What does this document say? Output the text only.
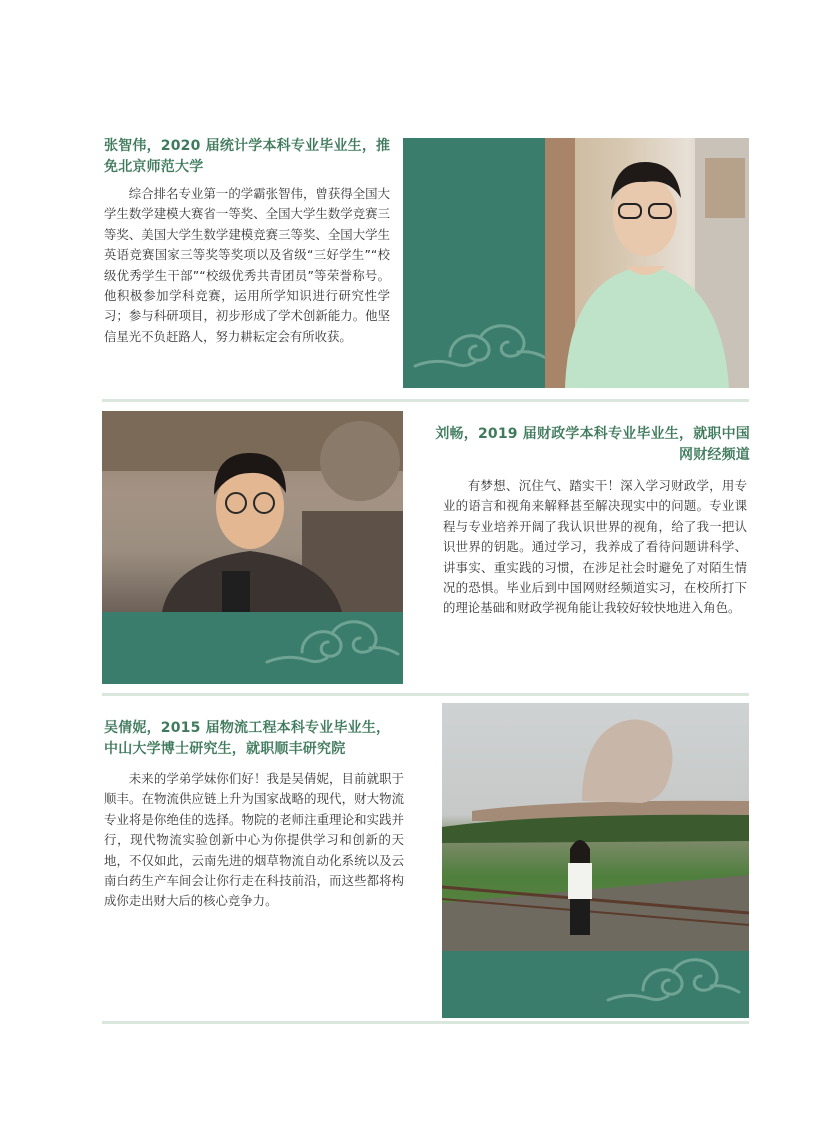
张智伟，2020 届统计学本科专业毕业生，推免北京师范大学

综合排名专业第一的学霸张智伟，曾获得全国大学生数学建模大赛省一等奖、全国大学生数学竞赛三等奖、美国大学生数学建模竞赛三等奖、全国大学生英语竞赛国家三等奖等奖项以及省级“三好学生”“校级优秀学生干部”“校级优秀共青团员”等荣誉称号。他积极参加学科竞赛，运用所学知识进行研究性学习；参与科研项目，初步形成了学术创新能力。他坚信星光不负赶路人，努力耕耘定会有所收获。

刘畅，2019 届财政学本科专业毕业生，就职中国网财经频道

有梦想、沉住气、踏实干！深入学习财政学，用专业的语言和视角来解释甚至解决现实中的问题。专业课程与专业培养开阔了我认识世界的视角，给了我一把认识世界的钥匙。通过学习，我养成了看待问题讲科学、讲事实、重实践的习惯，在涉足社会时避免了对陌生情况的恐惧。毕业后到中国网财经频道实习，在校所打下的理论基础和财政学视角能让我较好较快地进入角色。

吴倩妮，2015 届物流工程本科专业毕业生，中山大学博士研究生，就职顺丰研究院

未来的学弟学妹你们好！我是吴倩妮，目前就职于顺丰。在物流供应链上升为国家战略的现代，财大物流专业将是你绝佳的选择。物院的老师注重理论和实践并行，现代物流实验创新中心为你提供学习和创新的天地，不仅如此，云南先进的烟草物流自动化系统以及云南白药生产车间会让你行走在科技前沿，而这些都将构成你走出财大后的核心竞争力。
